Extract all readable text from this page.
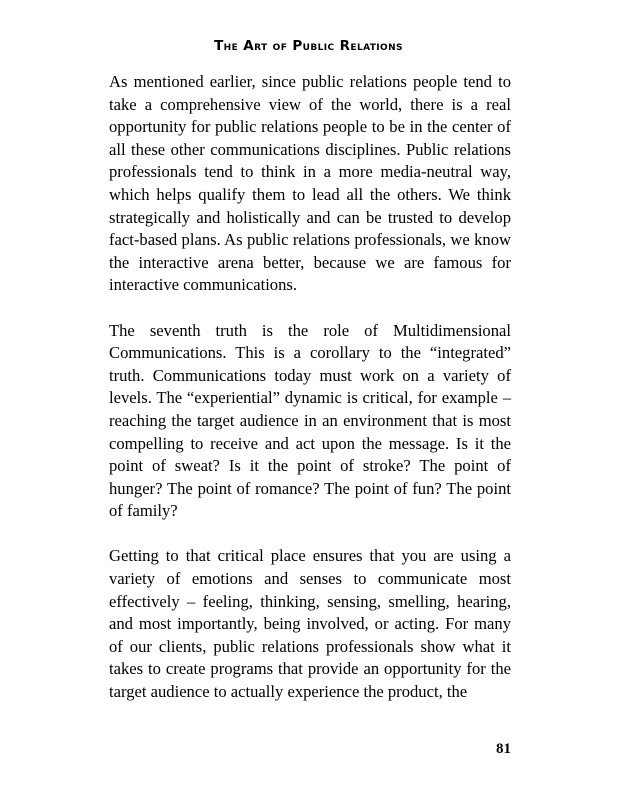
The Art of Public Relations

As mentioned earlier, since public relations people tend to take a comprehensive view of the world, there is a real opportunity for public relations people to be in the center of all these other communications disciplines. Public relations professionals tend to think in a more media-neutral way, which helps qualify them to lead all the others. We think strategically and holistically and can be trusted to develop fact-based plans. As public relations professionals, we know the interactive arena better, because we are famous for interactive communications.

The seventh truth is the role of Multidimensional Communications. This is a corollary to the “integrated” truth. Communications today must work on a variety of levels. The “experiential” dynamic is critical, for example – reaching the target audience in an environment that is most compelling to receive and act upon the message. Is it the point of sweat? Is it the point of stroke? The point of hunger? The point of romance? The point of fun? The point of family?

Getting to that critical place ensures that you are using a variety of emotions and senses to communicate most effectively – feeling, thinking, sensing, smelling, hearing, and most importantly, being involved, or acting. For many of our clients, public relations professionals show what it takes to create programs that provide an opportunity for the target audience to actually experience the product, the

81
